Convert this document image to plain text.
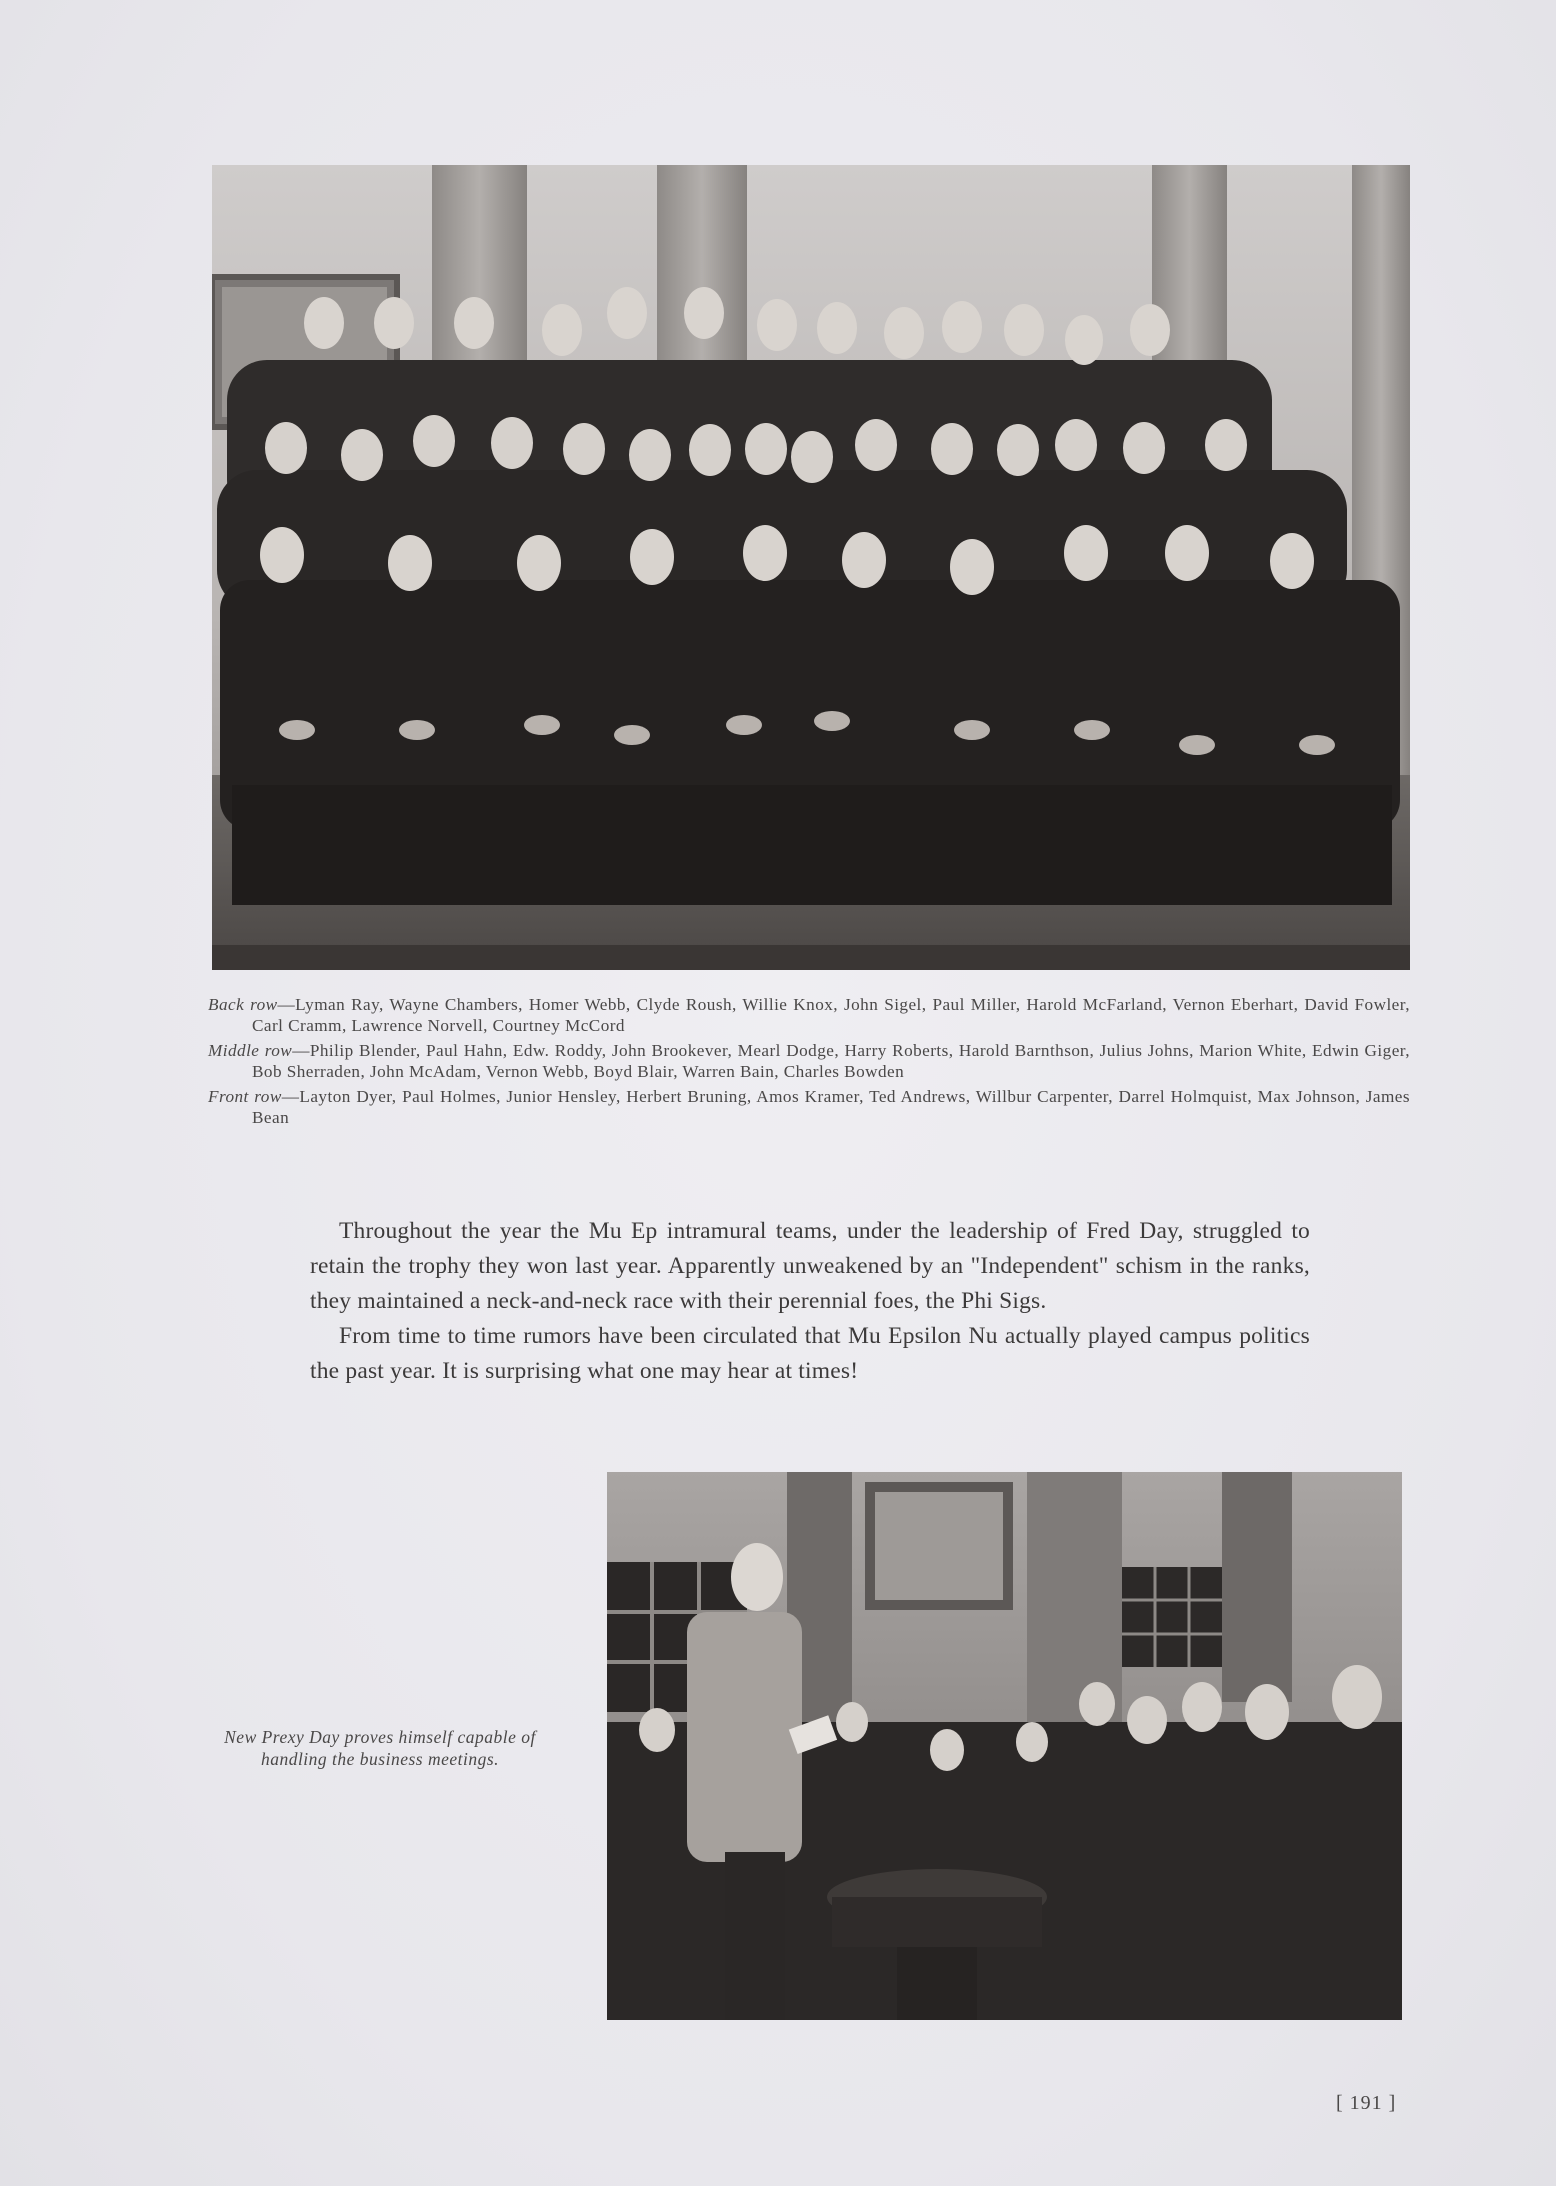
Back row—Lyman Ray, Wayne Chambers, Homer Webb, Clyde Roush, Willie Knox, John Sigel, Paul Miller, Harold McFarland, Vernon Eberhart, David Fowler, Carl Cramm, Lawrence Norvell, Courtney McCord

Middle row—Philip Blender, Paul Hahn, Edw. Roddy, John Brookever, Mearl Dodge, Harry Roberts, Harold Barnthson, Julius Johns, Marion White, Edwin Giger, Bob Sherraden, John McAdam, Vernon Webb, Boyd Blair, Warren Bain, Charles Bowden

Front row—Layton Dyer, Paul Holmes, Junior Hensley, Herbert Bruning, Amos Kramer, Ted Andrews, Willbur Carpenter, Darrel Holmquist, Max Johnson, James Bean

Throughout the year the Mu Ep intramural teams, under the leadership of Fred Day, struggled to retain the trophy they won last year. Apparently unweakened by an "Independent" schism in the ranks, they maintained a neck-and-neck race with their perennial foes, the Phi Sigs.

From time to time rumors have been circulated that Mu Epsilon Nu actually played campus politics the past year. It is surprising what one may hear at times!

New Prexy Day proves himself capable of handling the business meetings.
[ 191 ]
